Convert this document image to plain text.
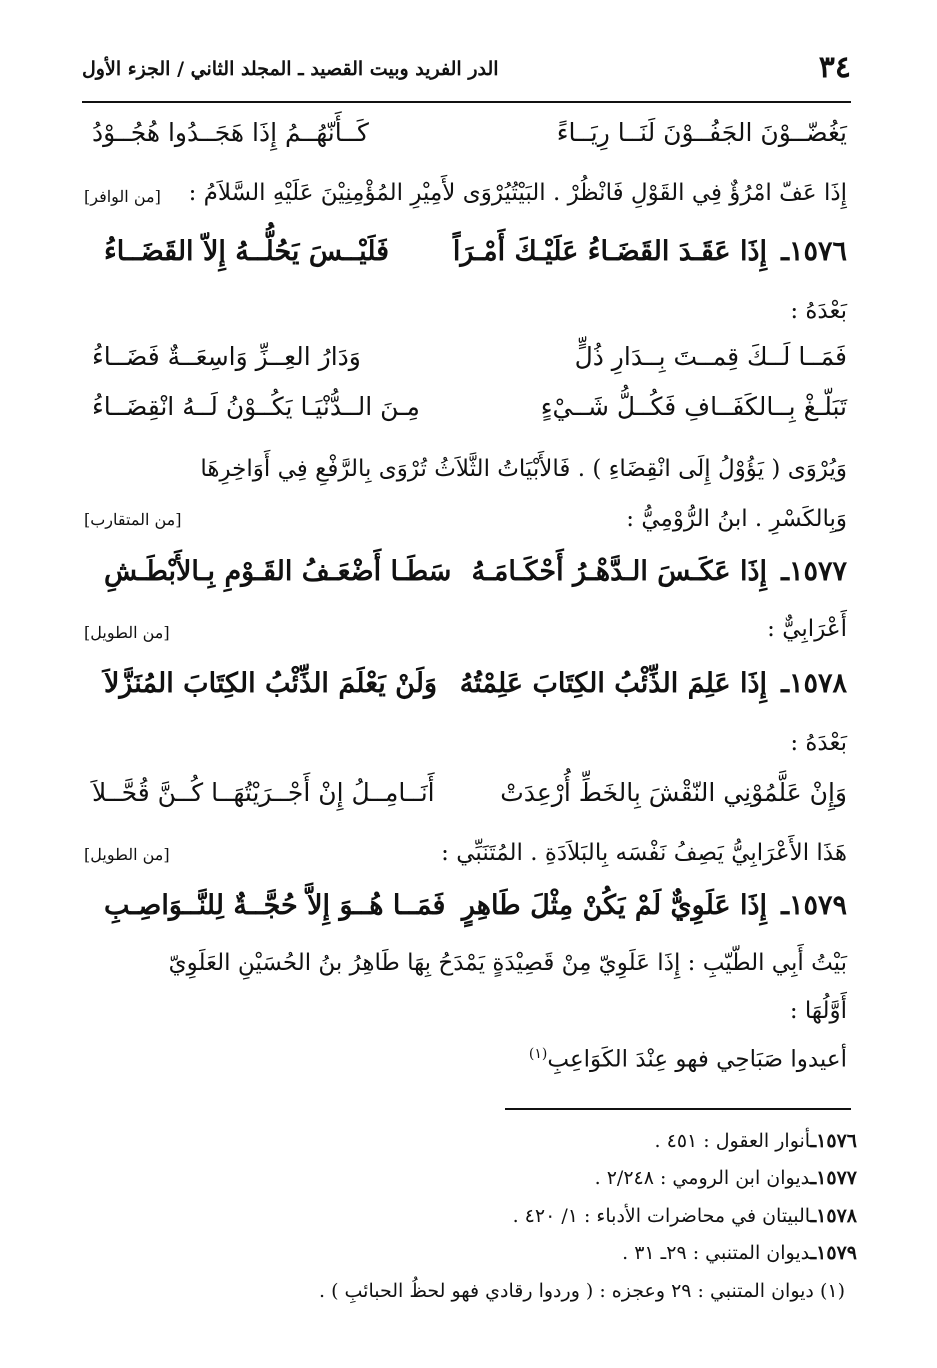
٣٤
الدر الفريد وبيت القصيد ـ المجلد الثاني / الجزء الأول
يَغُضّــوْنَ الجَفُــوْنَ لَنَــا رِيَــاءً
كَــأَنّهُــمُ إِذَا هَجَــدُوا هُجُــوْدُ
إِذَا عَفّ امْرُؤٌ فِي القَوْلِ فَانْظُرْ . البَيْتُيُرْوَى لأَمِيْرِ المُؤْمِنِيْنَ عَلَيْهِ السَّلاَمُ :
[من الوافر]
١٥٧٦ـ
إِذَا عَقَـدَ القَضَـاءُ عَلَيْـكَ أَمْـرَاً
فَلَيْــسَ يَحُلُّــهُ إِلاّ القَضَــاءُ
بَعْدَهُ :
فَمَــا لَــكَ قِمــتَ بِــدَارِ ذُلٍّ
وَدَارُ العِــزِّ وَاسِعَــةٌ فَضَــاءُ
تَبَلّـغْ بِــالكَفَــافِ فَكُــلُّ شَــيْءٍ
مِـنَ الــدُّنْيَـا يَكُــوْنُ لَــهُ انْقِضَــاءُ
وَيُرْوَى ( يَؤُوْلُ إِلَى انْقِضَاءِ ) . فَالأَبْيَاتُ الثَّلاَثُ تُرْوَى بِالرَّفْعِ فِي أَوَاخِرِهَا
وَبِالكَسْرِ . ابنُ الرُّوْمِيُّ :
[من المتقارب]
١٥٧٧ـ
إِذَا عَكَـسَ الـدَّهْـرُ أَحْكَـامَـهُ
سَطَـا أَضْعَـفُ القَـوْمِ بِـالأَبْطَـشِ
أَعْرَابِيٌّ :
[من الطويل]
١٥٧٨ـ
إِذَا عَلِمَ الذِّئْبُ الكِتَابَ عَلِمْتُهُ
وَلَنْ يَعْلَمَ الذِّئْبُ الكِتَابَ المُنَزَّلاَ
بَعْدَهُ :
وَإِنْ عَلَّمُوْنِي النّقْشَ بِالخَطِّ أُرْعِدَتْ
أَنَــامِــلُ إِنْ أَجْــرَيْتُهَــا كُــنَّ قُحَّــلاَ
هَذَا الأَعْرَابِيُّ يَصِفُ نَفْسَه بِالبَلاَدَةِ . المُتَنَبِّي :
[من الطويل]
١٥٧٩ـ
إِذَا عَلَوِيٌّ لَمْ يَكُنْ مِثْلَ طَاهِرٍ
فَمَــا هُــوَ إِلاَّ حُجَّــةٌ لِلنَّــوَاصِـبِ
بَيْتُ أَبِي الطّيّبِ : إِذَا عَلَوِيّ مِنْ قَصِيْدَةٍ يَمْدَحُ بِهَا طَاهِرُ بنُ الحُسَيْنِ العَلَوِيّ
أَوَّلُهَا :
أعيدوا صَبَاحِي فهو عِنْدَ الكَوَاعِبِ$^{(١)}$
١٥٧٦ـأنوار العقول : ٤٥١ .
١٥٧٧ـديوان ابن الرومي : ٢/٢٤٨ .
١٥٧٨ـالبيتان في محاضرات الأدباء : ١/ ٤٢٠ .
١٥٧٩ـديوان المتنبي : ٢٩ـ ٣١ .
(١) ديوان المتنبي : ٢٩ وعجزه : ( وردوا رقادي فهو لحظُ الحبائبِ ) .
